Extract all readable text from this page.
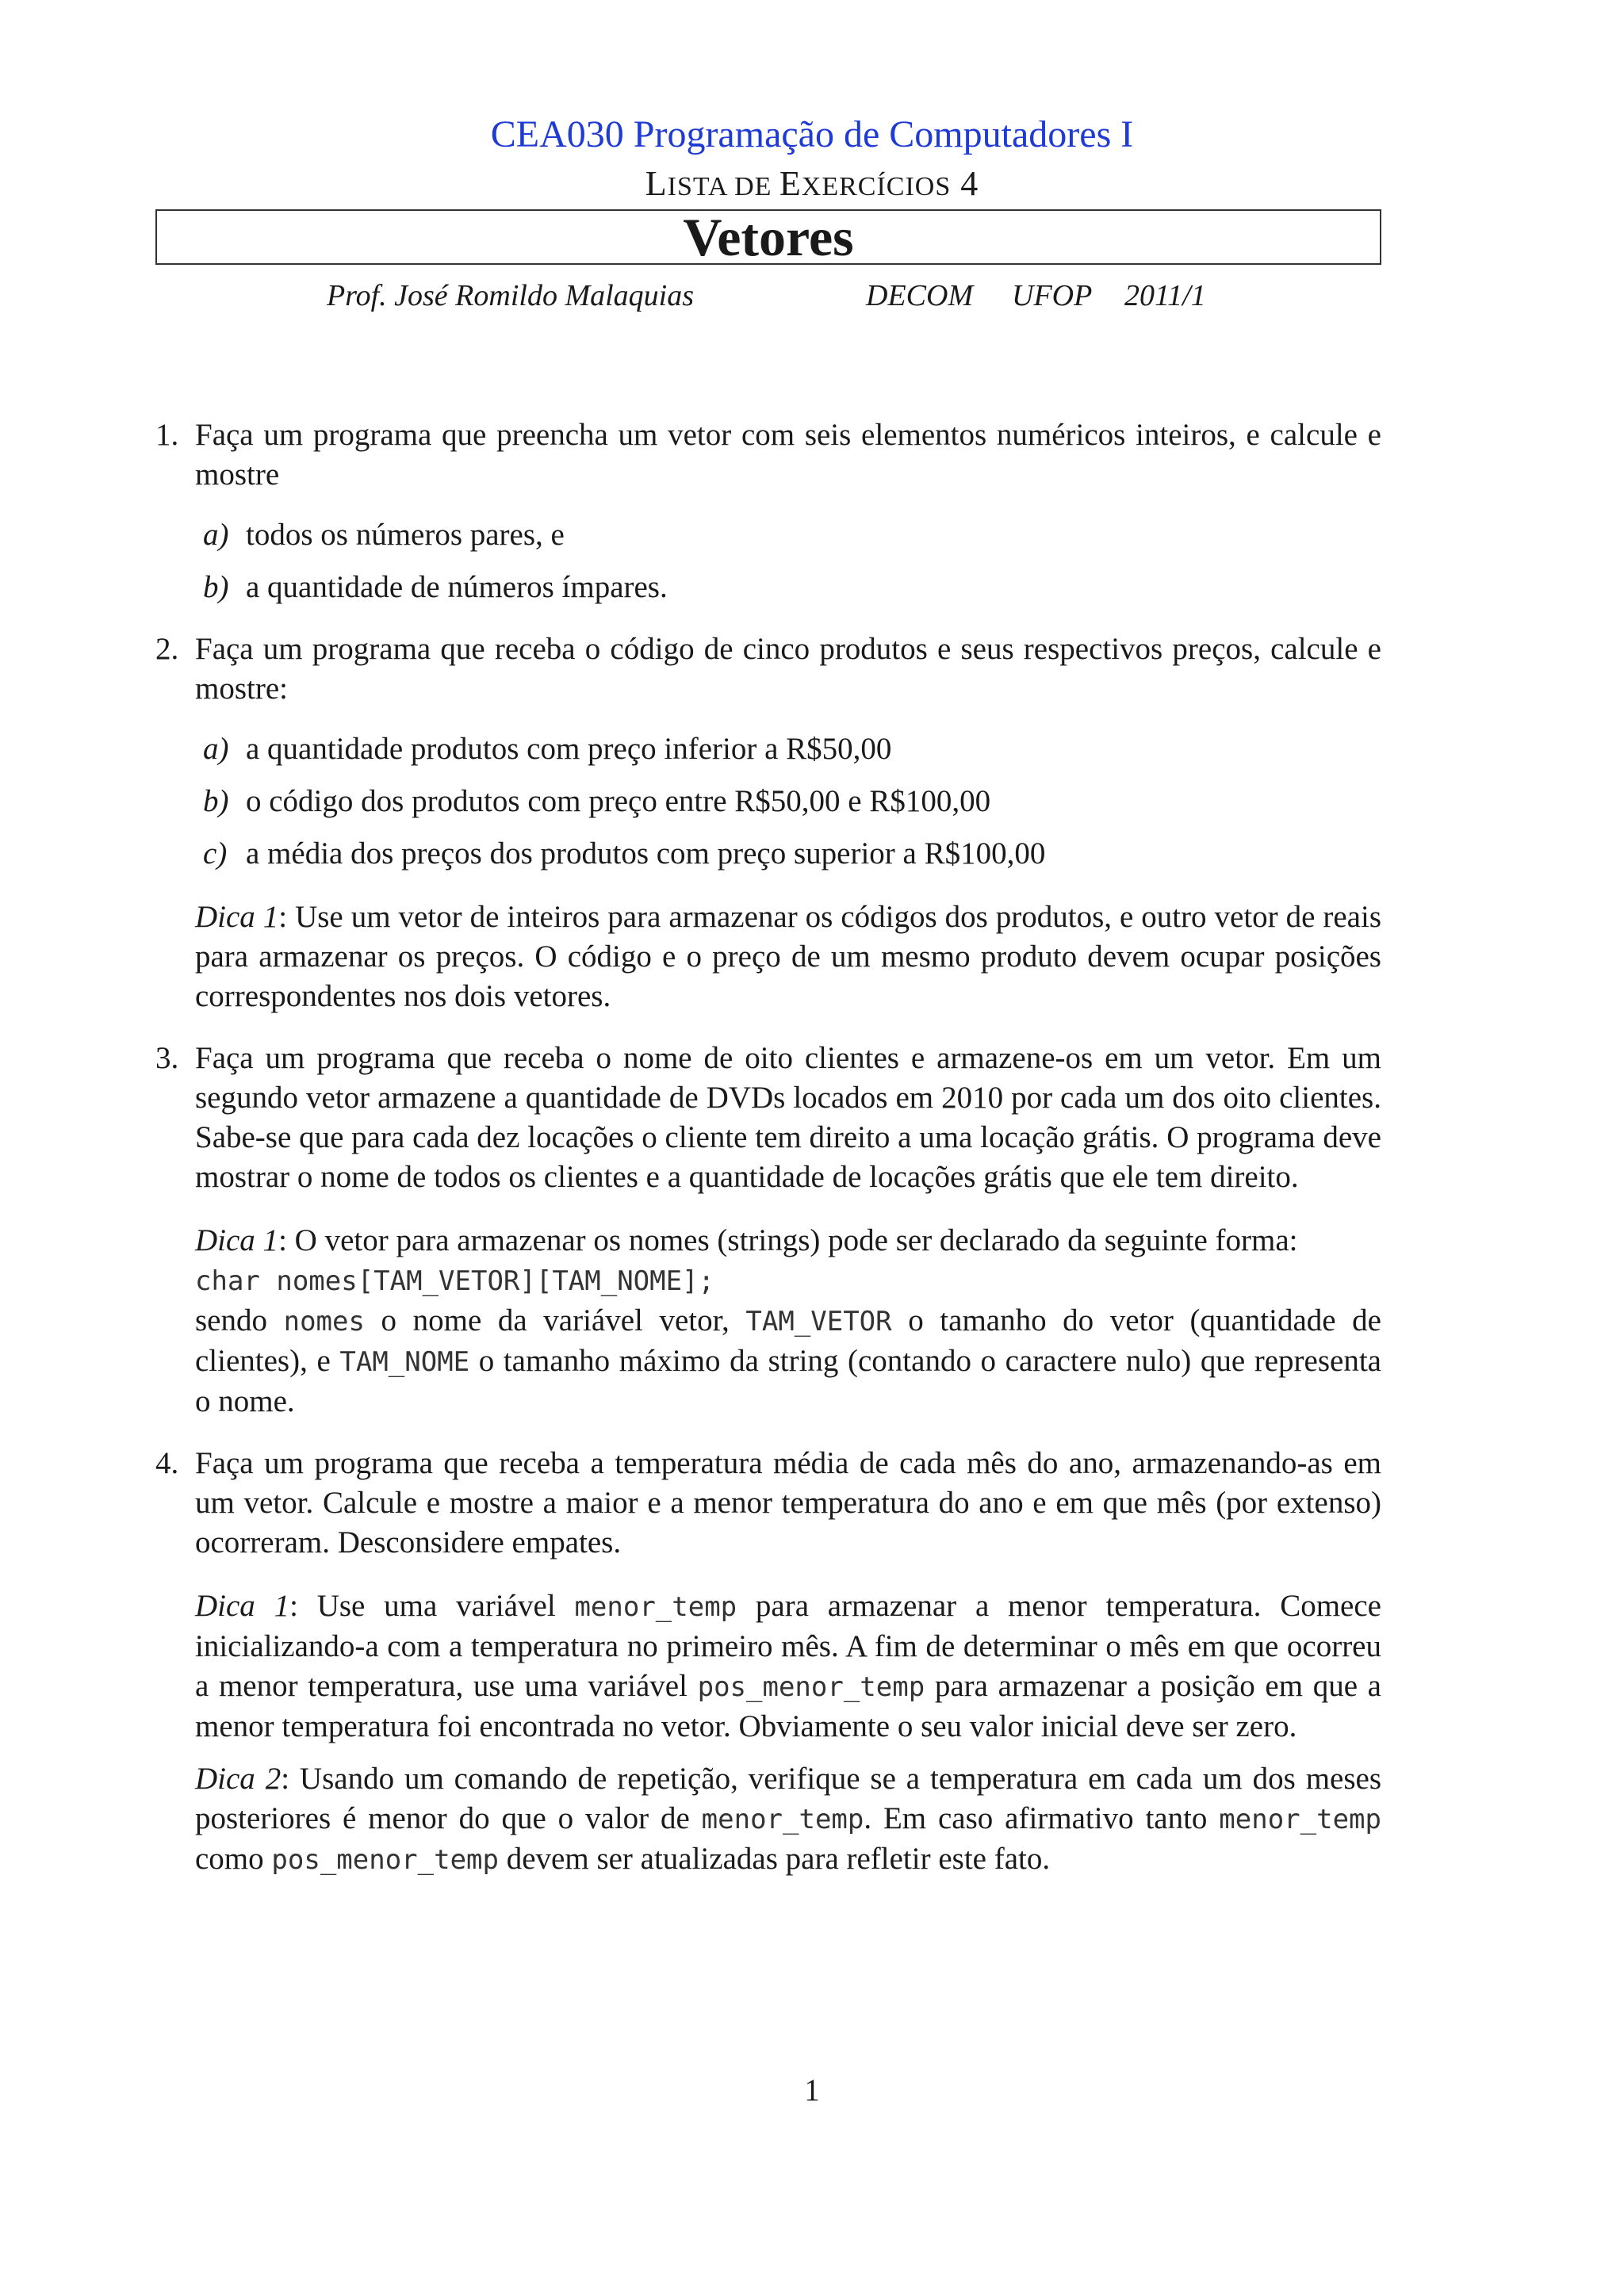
CEA030 Programação de Computadores I
LISTA DE EXERCÍCIOS 4
Vetores
Prof. José Romildo Malaquias	DECOM UFOP 2011/1
1. Faça um programa que preencha um vetor com seis elementos numéricos inteiros, e calcule e mostre

a) todos os números pares, e
b) a quantidade de números ímpares.
2. Faça um programa que receba o código de cinco produtos e seus respectivos preços, calcule e mostre:

a) a quantidade produtos com preço inferior a R$50,00
b) o código dos produtos com preço entre R$50,00 e R$100,00
c) a média dos preços dos produtos com preço superior a R$100,00

Dica 1: Use um vetor de inteiros para armazenar os códigos dos produtos, e outro vetor de reais para armazenar os preços. O código e o preço de um mesmo produto devem ocupar posições correspondentes nos dois vetores.

3. Faça um programa que receba o nome de oito clientes e armazene-os em um vetor. Em um segundo vetor armazene a quantidade de DVDs locados em 2010 por cada um dos oito clientes. Sabe-se que para cada dez locações o cliente tem direito a uma locação grátis. O programa deve mostrar o nome de todos os clientes e a quantidade de locações grátis que ele tem direito.

Dica 1: O vetor para armazenar os nomes (strings) pode ser declarado da seguinte forma:

char nomes[TAM_VETOR][TAM_NOME];

sendo nomes o nome da variável vetor, TAM_VETOR o tamanho do vetor (quantidade de clientes), e TAM_NOME o tamanho máximo da string (contando o caractere nulo) que representa o nome.

4. Faça um programa que receba a temperatura média de cada mês do ano, armazenando-as em um vetor. Calcule e mostre a maior e a menor temperatura do ano e em que mês (por extenso) ocorreram. Desconsidere empates.

Dica 1: Use uma variável menor_temp para armazenar a menor temperatura. Comece inicializando-a com a temperatura no primeiro mês. A fim de determinar o mês em que ocorreu a menor temperatura, use uma variável pos_menor_temp para armazenar a posição em que a menor temperatura foi encontrada no vetor. Obviamente o seu valor inicial deve ser zero.

Dica 2: Usando um comando de repetição, verifique se a temperatura em cada um dos meses posteriores é menor do que o valor de menor_temp. Em caso afirmativo tanto menor_temp como pos_menor_temp devem ser atualizadas para refletir este fato.

1
